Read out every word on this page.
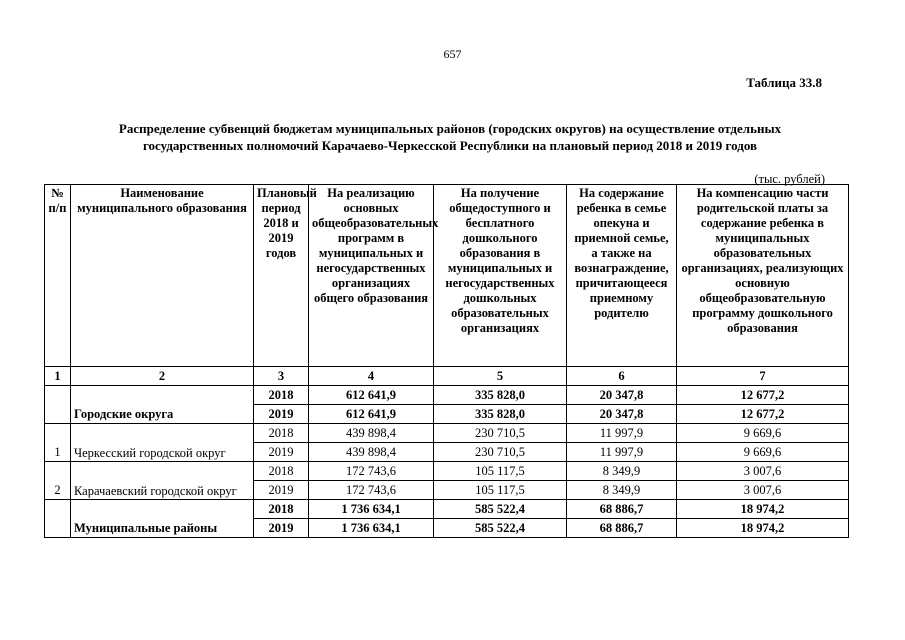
657
Таблица 33.8
Распределение субвенций бюджетам муниципальных районов (городских округов) на осуществление отдельных
государственных полномочий Карачаево-Черкесской Республики на плановый период 2018 и 2019 годов
(тыс. рублей)
№ п/п	Наименование муниципального образования	Плановый период 2018 и 2019 годов	На реализацию основных общеобразовательных программ в муниципальных и негосударственных организациях общего образования	На получение общедоступного и бесплатного дошкольного образования в муниципальных и негосударственных дошкольных образовательных организациях	На содержание ребенка в семье опекуна и приемной семье, а также на вознаграждение, причитающееся приемному родителю	На компенсацию части родительской платы за содержание ребенка в муниципальных образовательных организациях, реализующих основную общеобразовательную программу дошкольного образования
1	2	3	4	5	6	7
	Городские округа	2018	612 641,9	335 828,0	20 347,8	12 677,2
		2019	612 641,9	335 828,0	20 347,8	12 677,2
1	Черкесский городской округ	2018	439 898,4	230 710,5	11 997,9	9 669,6
		2019	439 898,4	230 710,5	11 997,9	9 669,6
2	Карачаевский городской округ	2018	172 743,6	105 117,5	8 349,9	3 007,6
		2019	172 743,6	105 117,5	8 349,9	3 007,6
	Муниципальные районы	2018	1 736 634,1	585 522,4	68 886,7	18 974,2
		2019	1 736 634,1	585 522,4	68 886,7	18 974,2
